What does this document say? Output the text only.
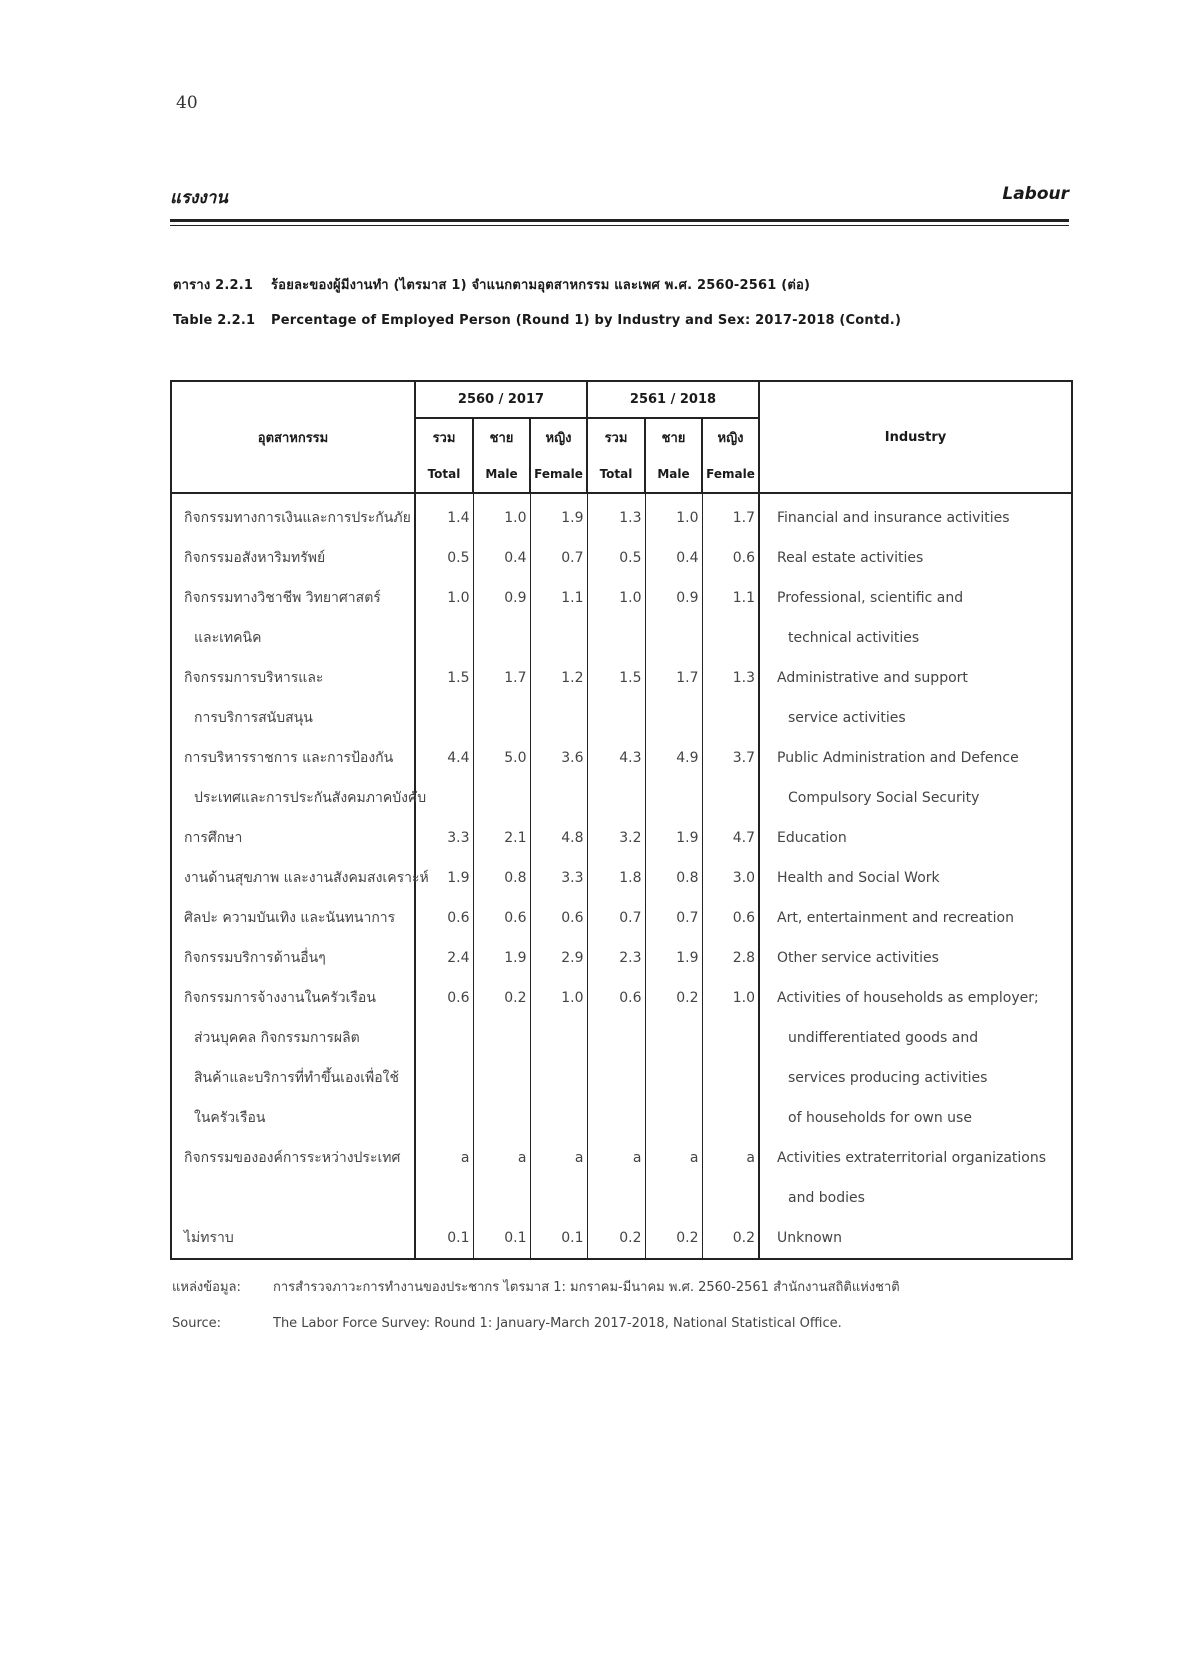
40
แรงงาน	Labour
ตาราง 2.2.1 ร้อยละของผู้มีงานทำ (ไตรมาส 1) จำแนกตามอุตสาหกรรม และเพศ พ.ศ. 2560-2561 (ต่อ)
Table 2.2.1 Percentage of Employed Person (Round 1) by Industry and Sex: 2017-2018 (Contd.)
อุตสาหกรรม	2560 / 2017			2561 / 2018			Industry
	รวม	ชาย	หญิง	รวม	ชาย	หญิง	
	Total	Male	Female	Total	Male	Female	
กิจกรรมทางการเงินและการประกันภัย	1.4	1.0	1.9	1.3	1.0	1.7	Financial and insurance activities
กิจกรรมอสังหาริมทรัพย์	0.5	0.4	0.7	0.5	0.4	0.6	Real estate activities
กิจกรรมทางวิชาชีพ วิทยาศาสตร์	1.0	0.9	1.1	1.0	0.9	1.1	Professional, scientific and
และเทคนิค							technical activities
กิจกรรมการบริหารและ	1.5	1.7	1.2	1.5	1.7	1.3	Administrative and support
การบริการสนับสนุน							service activities
การบริหารราชการ และการป้องกัน	4.4	5.0	3.6	4.3	4.9	3.7	Public Administration and Defence
ประเทศและการประกันสังคมภาคบังคับ							Compulsory Social Security
การศึกษา	3.3	2.1	4.8	3.2	1.9	4.7	Education
งานด้านสุขภาพ และงานสังคมสงเคราะห์	1.9	0.8	3.3	1.8	0.8	3.0	Health and Social Work
ศิลปะ ความบันเทิง และนันทนาการ	0.6	0.6	0.6	0.7	0.7	0.6	Art, entertainment and recreation
กิจกรรมบริการด้านอื่นๆ	2.4	1.9	2.9	2.3	1.9	2.8	Other service activities
กิจกรรมการจ้างงานในครัวเรือน	0.6	0.2	1.0	0.6	0.2	1.0	Activities of households as employer;
ส่วนบุคคล กิจกรรมการผลิต							undifferentiated goods and
สินค้าและบริการที่ทำขึ้นเองเพื่อใช้							services producing activities
ในครัวเรือน							of households for own use
กิจกรรมขององค์การระหว่างประเทศ	a	a	a	a	a	a	Activities extraterritorial organizations
							and bodies
ไม่ทราบ	0.1	0.1	0.1	0.2	0.2	0.2	Unknown
แหล่งข้อมูล: การสำรวจภาวะการทำงานของประชากร ไตรมาส 1: มกราคม-มีนาคม พ.ศ. 2560-2561 สำนักงานสถิติแห่งชาติ
Source:	The Labor Force Survey: Round 1: January-March 2017-2018, National Statistical Office.
